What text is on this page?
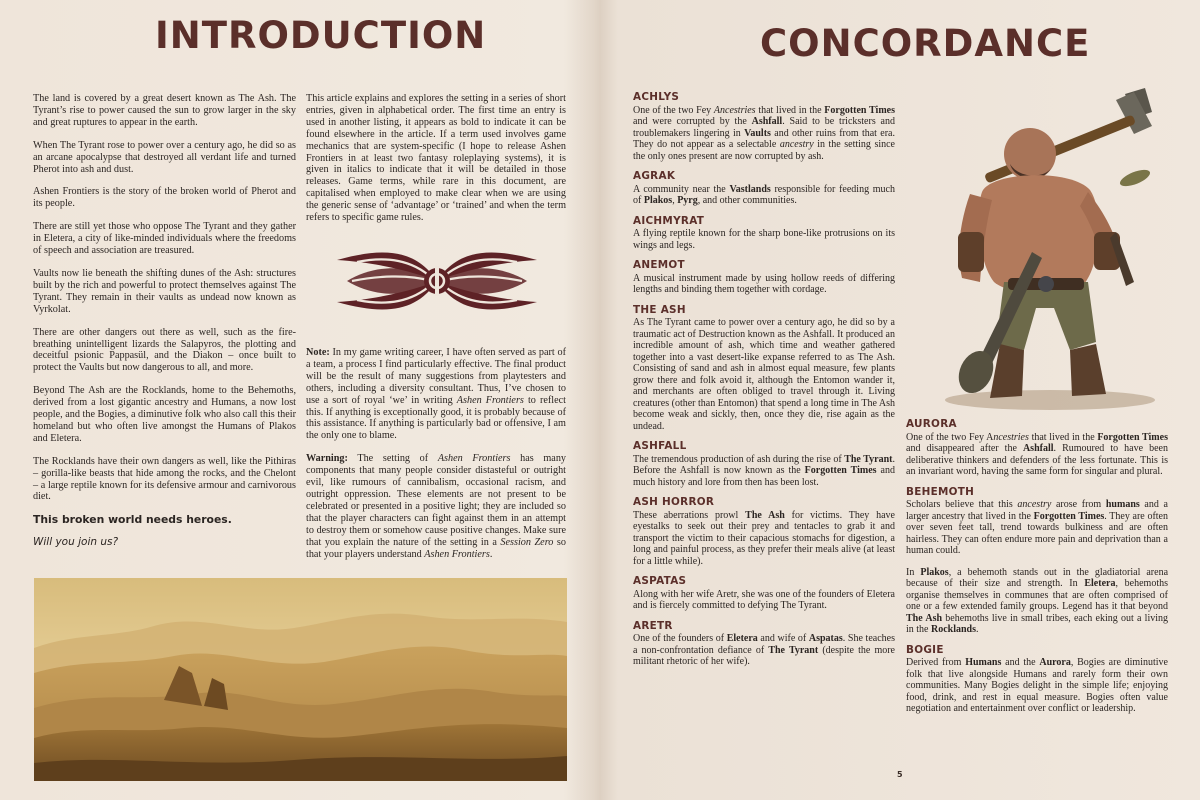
INTRODUCTION

The land is covered by a great desert known as The Ash. The Tyrant’s rise to power caused the sun to grow larger in the sky and great ruptures to appear in the earth.

When The Tyrant rose to power over a century ago, he did so as an arcane apocalypse that destroyed all verdant life and turned Pherot into ash and dust.

Ashen Frontiers is the story of the broken world of Pherot and its people.

There are still yet those who oppose The Tyrant and they gather in Eletera, a city of like-minded individuals where the freedoms of speech and association are treasured.

Vaults now lie beneath the shifting dunes of the Ash: structures built by the rich and powerful to protect themselves against The Tyrant. They remain in their vaults as undead now known as Vyrkolat.

There are other dangers out there as well, such as the fire-breathing unintelligent lizards the Salapyros, the plotting and deceitful psionic Pappasül, and the Diakon – once built to protect the Vaults but now dangerous to all, and more.

Beyond The Ash are the Rocklands, home to the Behemoths, derived from a lost gigantic ancestry and Humans, a now lost people, and the Bogies, a diminutive folk who also call this their homeland but who often live amongst the Humans of Plakos and Eletera.

The Rocklands have their own dangers as well, like the Pithiras – gorilla-like beasts that hide among the rocks, and the Chelont – a large reptile known for its defensive armour and carnivorous diet.

This broken world needs heroes.

Will you join us?

This article explains and explores the setting in a series of short entries, given in alphabetical order. The first time an entry is used in another listing, it appears as bold to indicate it can be found elsewhere in the article. If a term used involves game mechanics that are system-specific (I hope to release Ashen Frontiers in at least two fantasy roleplaying systems), it is given in italics to indicate that it will be detailed in those releases. Game terms, while rare in this document, are capitalised when employed to make clear when we are using the generic sense of ‘advantage’ or ‘trained’ and when the term refers to specific game rules.

Note: In my game writing career, I have often served as part of a team, a process I find particularly effective. The final product will be the result of many suggestions from playtesters and others, including a diversity consultant. Thus, I’ve chosen to use a sort of royal ‘we’ in writing Ashen Frontiers to reflect this. If anything is exceptionally good, it is probably because of this assistance. If anything is particularly bad or offensive, I am the only one to blame.

Warning: The setting of Ashen Frontiers has many components that many people consider distasteful or outright evil, like rumours of cannibalism, occasional racism, and outright oppression. These elements are not present to be celebrated or presented in a positive light; they are included so that the player characters can fight against them in an attempt to destroy them or somehow cause positive changes. Make sure that you explain the nature of the setting in a Session Zero so that your players understand Ashen Frontiers.

CONCORDANCE
ACHLYS
One of the two Fey Ancestries that lived in the Forgotten Times and were corrupted by the Ashfall. Said to be tricksters and troublemakers lingering in Vaults and other ruins from that era. They do not appear as a selectable ancestry in the setting since the only ones present are now corrupted by ash.
AGRAK
A community near the Vastlands responsible for feeding much of Plakos, Pyrg, and other communities.
AICHMYRAT
A flying reptile known for the sharp bone-like protrusions on its wings and legs.
ANEMOT
A musical instrument made by using hollow reeds of differing lengths and binding them together with cordage.
THE ASH
As The Tyrant came to power over a century ago, he did so by a traumatic act of Destruction known as the Ashfall. It produced an incredible amount of ash, which time and weather gathered together into a vast desert-like expanse referred to as The Ash. Consisting of sand and ash in almost equal measure, few plants grow there and folk avoid it, although the Entomon wander it, and merchants are often obliged to travel through it. Living creatures (other than Entomon) that spend a long time in The Ash become weak and sickly, then, once they die, rise again as the undead.
ASHFALL
The tremendous production of ash during the rise of The Tyrant. Before the Ashfall is now known as the Forgotten Times and much history and lore from then has been lost.
ASH HORROR
These aberrations prowl The Ash for victims. They have eyestalks to seek out their prey and tentacles to grab it and transport the victim to their capacious stomachs for digestion, a long and painful process, as they prefer their meals alive (at least for a little while).
ASPATAS
Along with her wife Aretr, she was one of the founders of Eletera and is fiercely committed to defying The Tyrant.
ARETR
One of the founders of Eletera and wife of Aspatas. She teaches a non-confrontation defiance of The Tyrant (despite the more militant rhetoric of her wife).
AURORA
One of the two Fey Ancestries that lived in the Forgotten Times and disappeared after the Ashfall. Rumoured to have been deliberative thinkers and defenders of the less fortunate. This is an invariant word, having the same form for singular and plural.
BEHEMOTH
Scholars believe that this ancestry arose from humans and a larger ancestry that lived in the Forgotten Times. They are often over seven feet tall, trend towards bulkiness and are often hairless. They can often endure more pain and deprivation than a human could.
In Plakos, a behemoth stands out in the gladiatorial arena because of their size and strength. In Eletera, behemoths organise themselves in communes that are often comprised of one or a few extended family groups. Legend has it that beyond The Ash behemoths live in small tribes, each eking out a living in the Rocklands.
BOGIE
Derived from Humans and the Aurora, Bogies are diminutive folk that live alongside Humans and rarely form their own communities. Many Bogies delight in the simple life; enjoying food, drink, and rest in equal measure. Bogies often value negotiation and entertainment over conflict or leadership.
5
